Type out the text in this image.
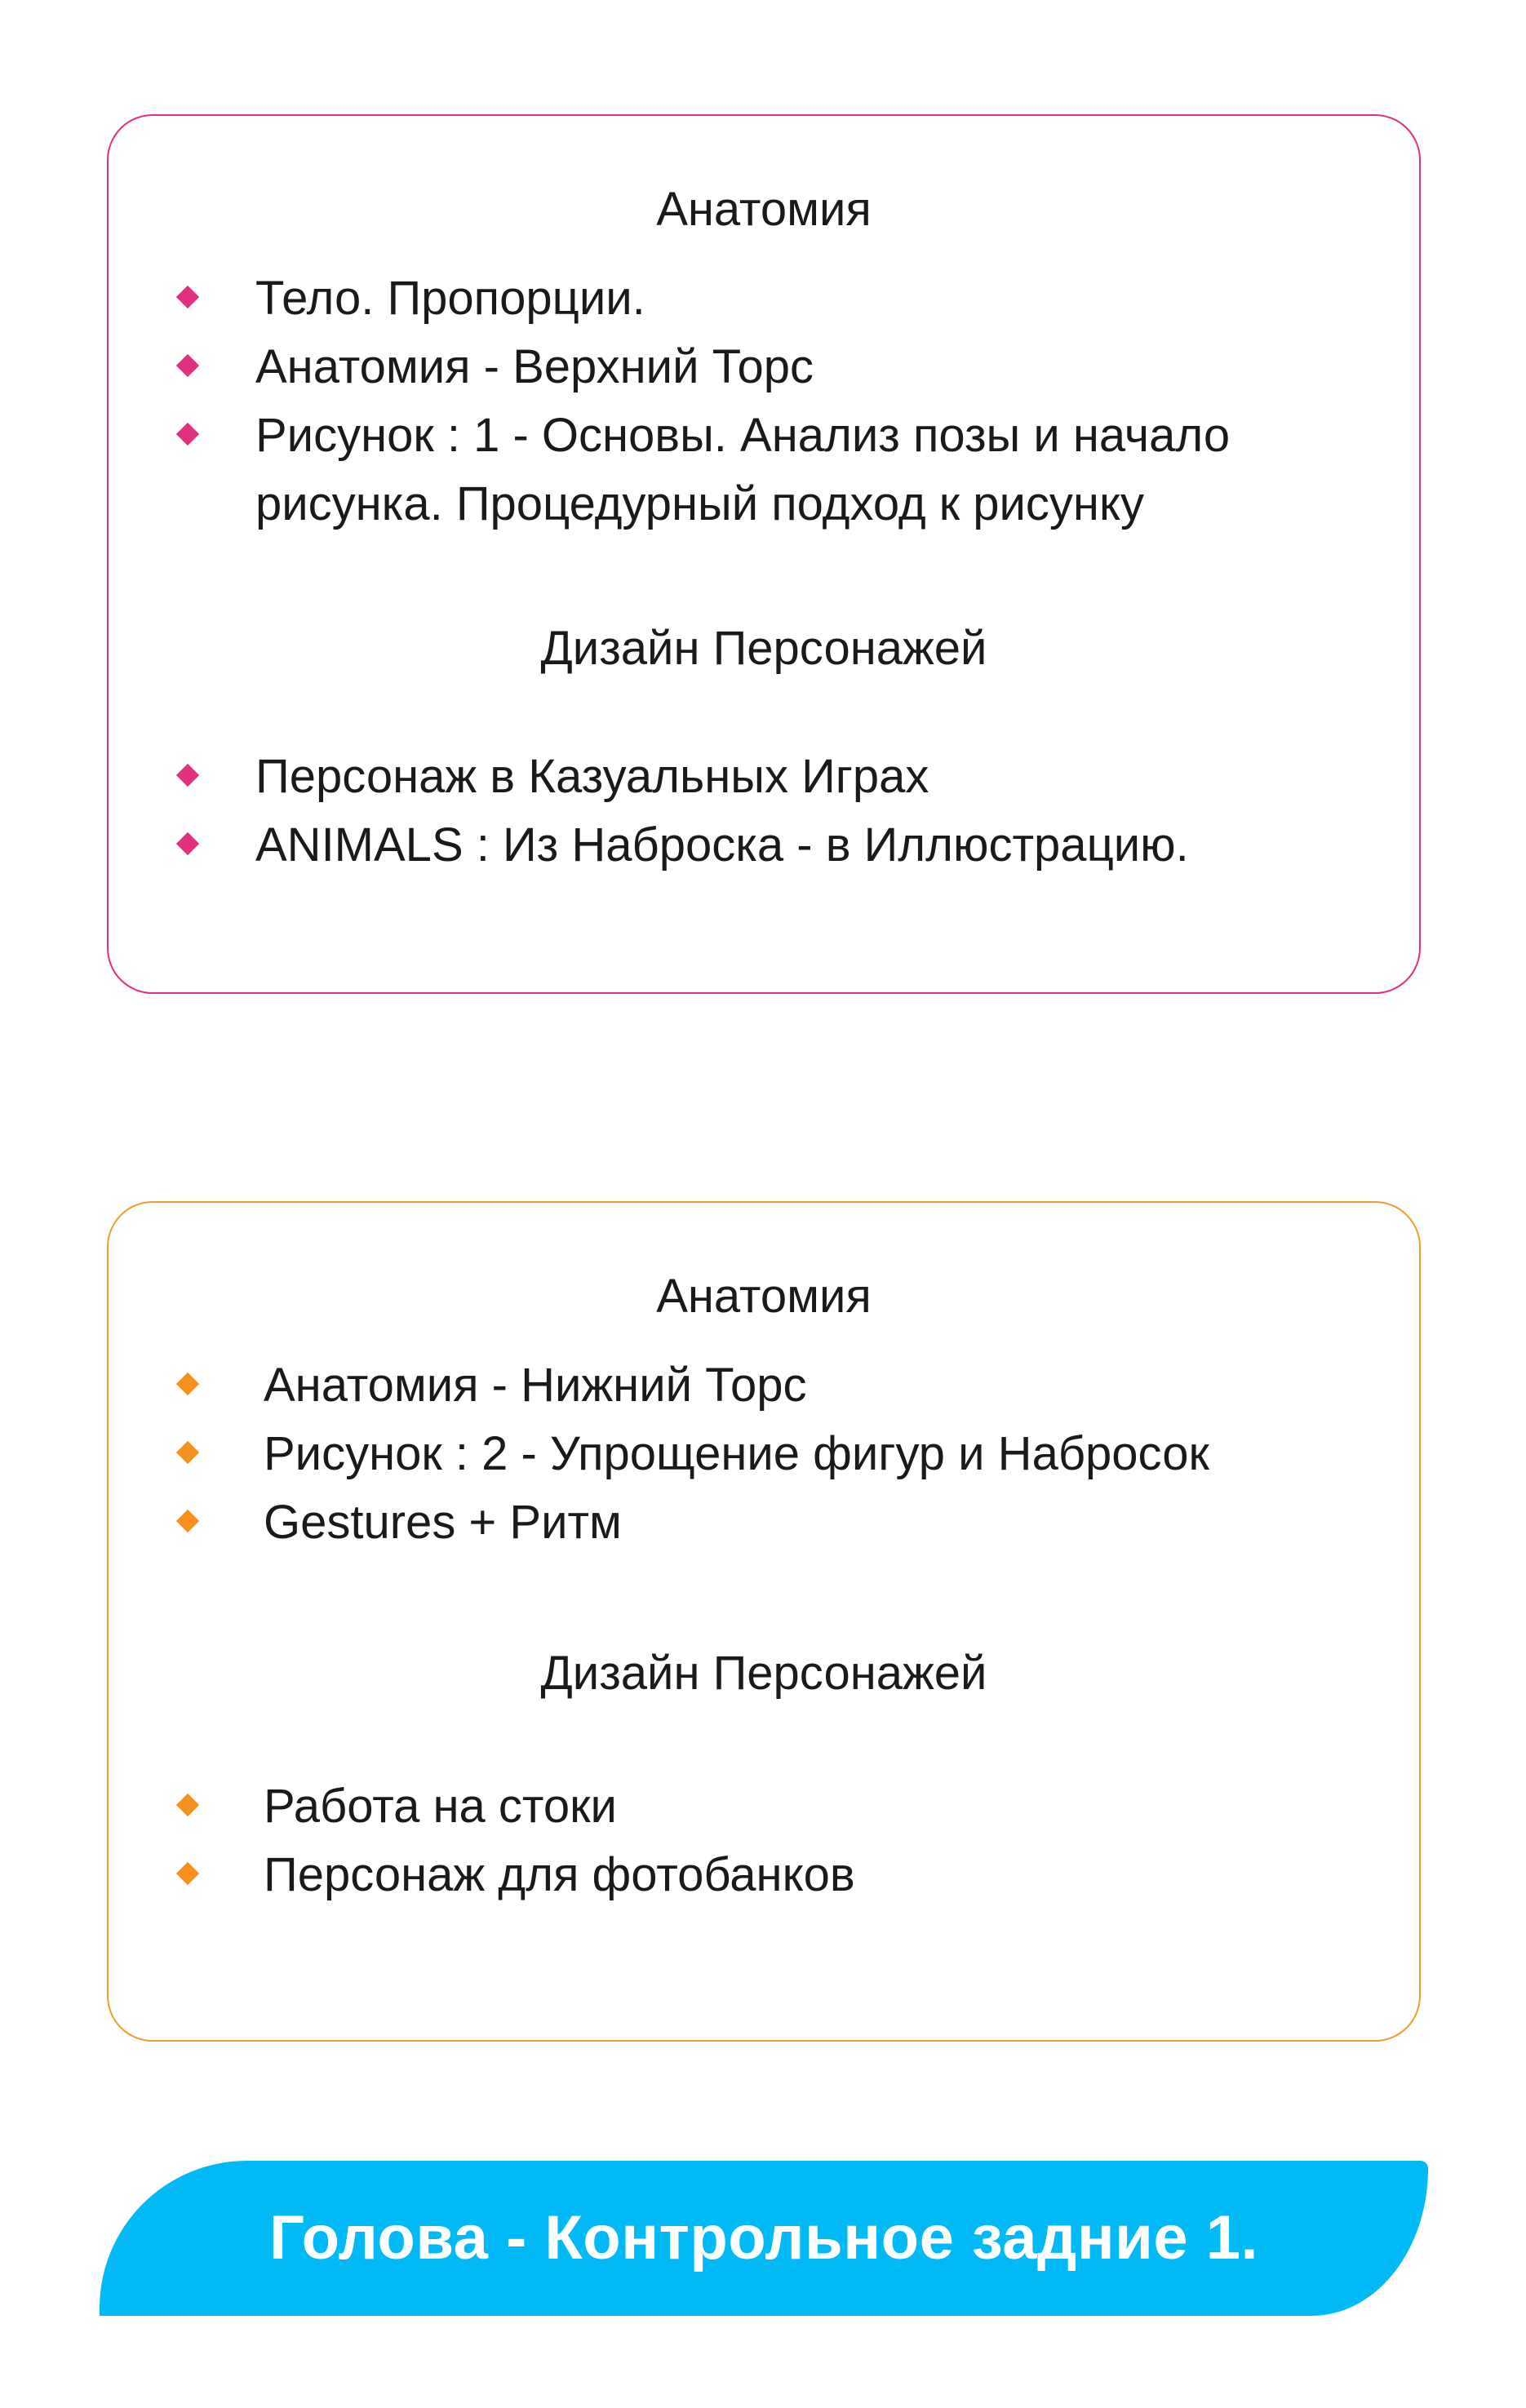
Анатомия
Тело. Пропорции.
Анатомия - Верхний Торс
Рисунок : 1 - Основы. Анализ позы и начало рисунка. Процедурный подход к рисунку
Дизайн Персонажей
Персонаж в Казуальных Играх
ANIMALS : Из Наброска - в Иллюстрацию.
Анатомия
Анатомия - Нижний Торс
Рисунок : 2 - Упрощение фигур и Набросок
Gestures + Ритм
Дизайн Персонажей
Работа на стоки
Персонаж для фотобанков
Голова - Контрольное задние 1.
